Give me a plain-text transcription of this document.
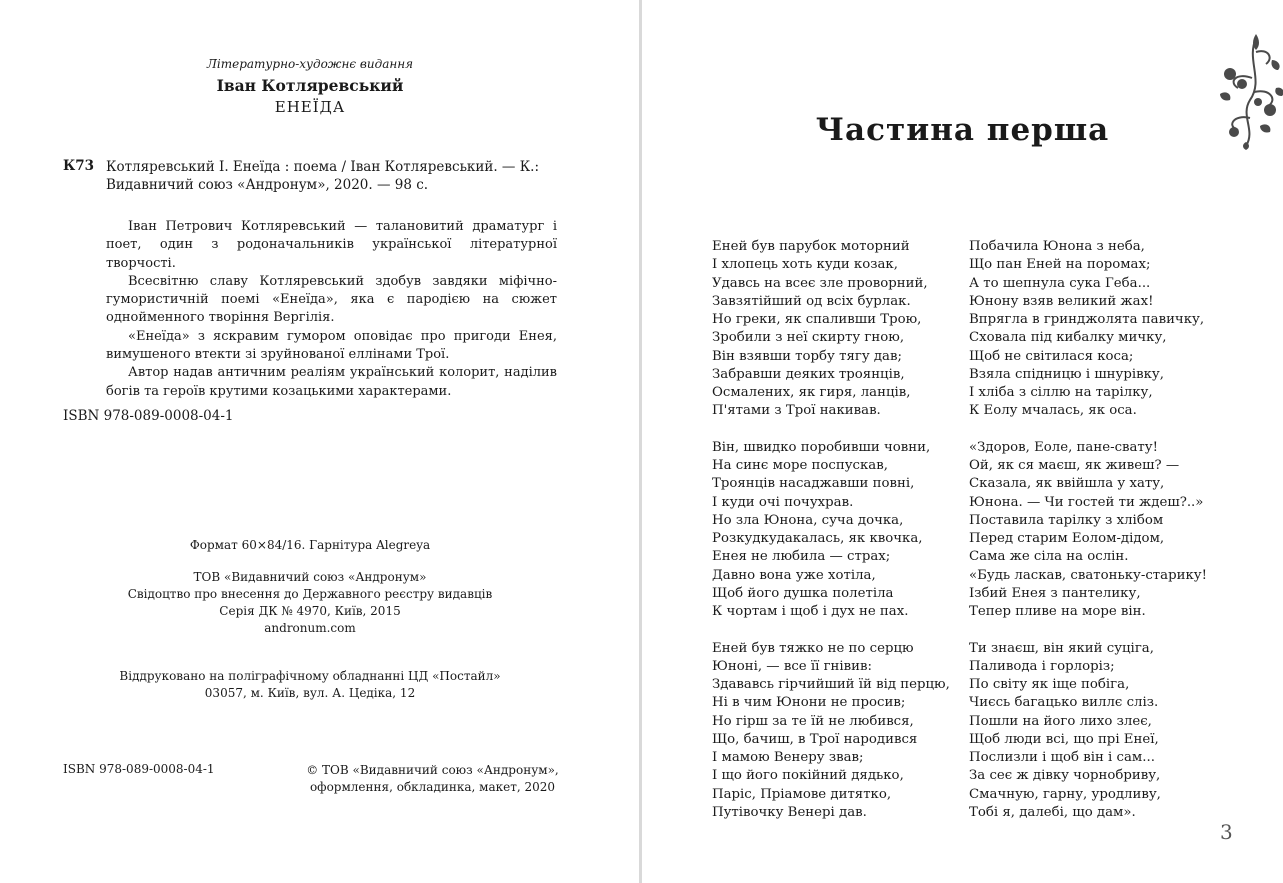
Літературно-художнє видання
Іван Котляревський
ЕНЕЇДА
К73 Котляревський І. Енеїда : поема / Іван Котляревський. — К.:
Видавничий союз «Андронум», 2020. — 98 с.

Іван Петрович Котляревський — талановитий драматург і поет, один з родоначальників української літературної творчості.

Всесвітню славу Котляревський здобув завдяки міфічно-гумористичній поемі «Енеїда», яка є пародією на сюжет однойменного творіння Вергілія.

«Енеїда» з яскравим гумором оповідає про пригоди Енея, вимушеного втекти зі зруйнованої еллінами Трої.

Автор надав античним реаліям український колорит, наділив богів та героїв крутими козацькими характерами.

ISBN 978-089-0008-04-1
Формат 60×84/16. Гарнітура Alegreya
ТОВ «Видавничий союз «Андронум»
Свідоцтво про внесення до Державного реєстру видавців
Серія ДК № 4970, Київ, 2015
andronum.com
Віддруковано на поліграфічному обладнанні ЦД «Постайл»
03057, м. Київ, вул. А. Цедіка, 12
ISBN 978-089-0008-04-1	© ТОВ «Видавничий союз «Андронум»,
оформлення, обкладинка, макет, 2020
Частина перша
Еней був парубок моторний
І хлопець хоть куди козак,
Удавсь на всеє зле проворний,
Завзятійший од всіх бурлак.
Но греки, як спаливши Трою,
Зробили з неї скирту гною,
Він взявши торбу тягу дав;
Забравши деяких троянців,
Осмалених, як гиря, ланців,
П'ятами з Трої накивав.
Він, швидко поробивши човни,
На синє море поспускав,
Троянців насаджавши повні,
І куди очі почухрав.
Но зла Юнона, суча дочка,
Розкудкудакалась, як квочка,
Енея не любила — страх;
Давно вона уже хотіла,
Щоб його душка полетіла
К чортам і щоб і дух не пах.
Еней був тяжко не по серцю
Юноні, — все її гнівив:
Здававсь гірчийший їй від перцю,
Ні в чим Юнони не просив;
Но гірш за те їй не любився,
Що, бачиш, в Трої народився
І мамою Венеру звав;
І що його покійний дядько,
Паріс, Пріамове дитятко,
Путівочку Венері дав.
Побачила Юнона з неба,
Що пан Еней на поромах;
А то шепнула сука Геба...
Юнону взяв великий жах!
Впрягла в гринджолята павичку,
Сховала під кибалку мичку,
Щоб не світилася коса;
Взяла спідницю і шнурівку,
І хліба з сіллю на тарілку,
К Еолу мчалась, як оса.
«Здоров, Еоле, пане-свату!
Ой, як ся маєш, як живеш? —
Сказала, як ввійшла у хату,
Юнона. — Чи гостей ти ждеш?..»
Поставила тарілку з хлібом
Перед старим Еолом-дідом,
Сама же сіла на ослін.
«Будь ласкав, сватоньку-старику!
Ізбий Енея з пантелику,
Тепер пливе на море він.
Ти знаєш, він який суціга,
Паливода і горлоріз;
По світу як іще побіга,
Чиєсь багацько виллє сліз.
Пошли на його лихо злеє,
Щоб люди всі, що прі Енеї,
Послизли і щоб він і сам...
За сеє ж дівку чорнобриву,
Смачную, гарну, уродливу,
Тобі я, далебі, що дам».
3
